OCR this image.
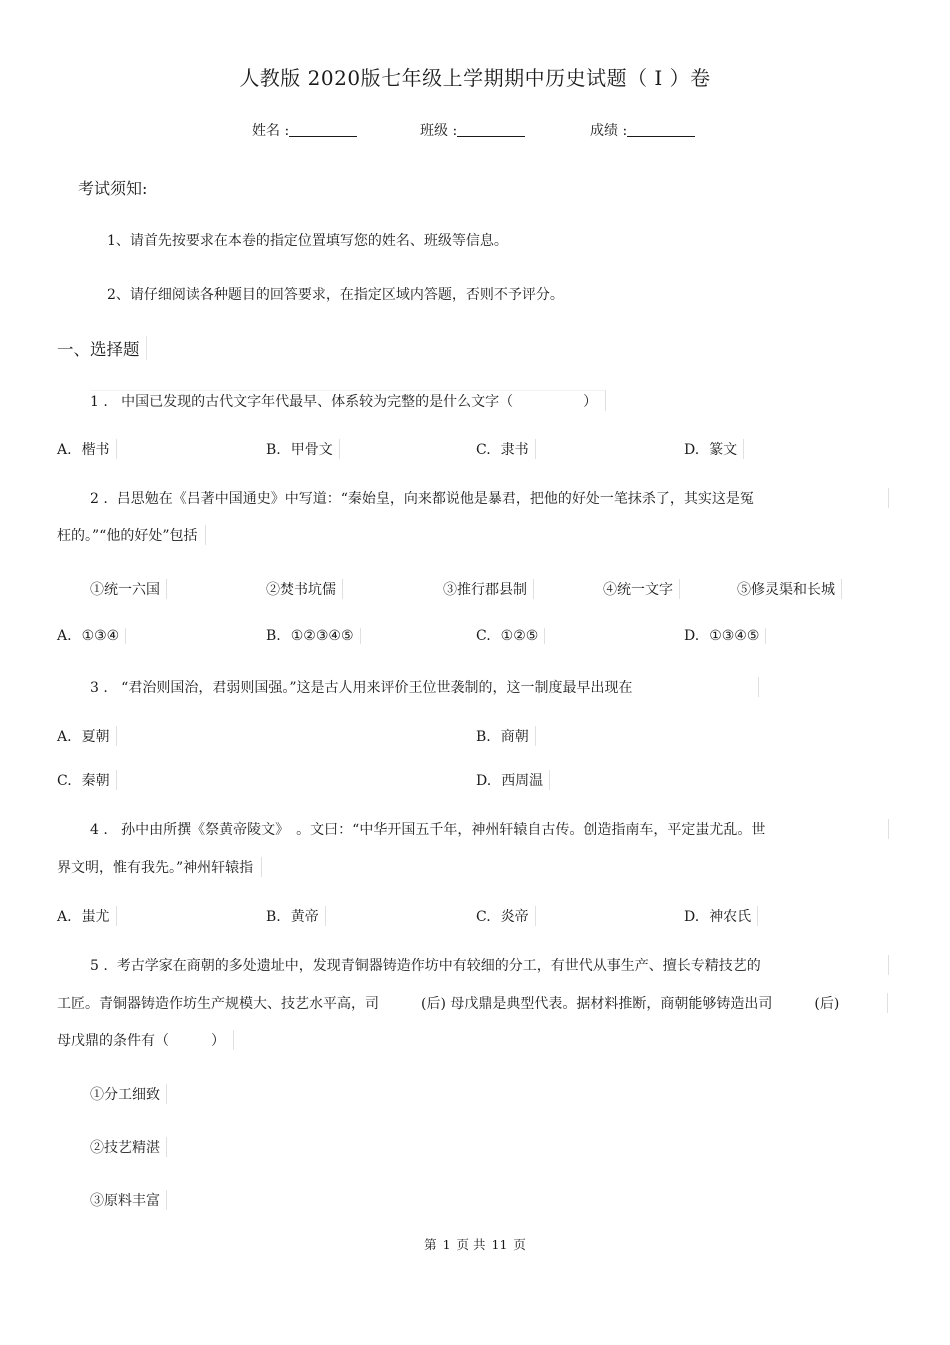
人教版 2020版七年级上学期期中历史试题（ I ）卷
姓名 :	班级 :	成绩 :
考试须知:
1、请首先按要求在本卷的指定位置填写您的姓名、班级等信息。
2、请仔细阅读各种题目的回答要求，在指定区域内答题，否则不予评分。
一、选择题
1 . 中国已发现的古代文字年代最早、体系较为完整的是什么文字（　　　　　）
A. 楷书	B. 甲骨文	C. 隶书	D. 篆文
2 . 吕思勉在《吕著中国通史》中写道：“秦始皇，向来都说他是暴君，把他的好处一笔抹杀了，其实这是冤
枉的。”“他的好处”包括
①统一六国	②焚书坑儒	③推行郡县制	④统一文字	⑤修灵渠和长城
A. ①③④	B. ①②③④⑤	C. ①②⑤	D. ①③④⑤
3 . “君治则国治，君弱则国强。”这是古人用来评价王位世袭制的，这一制度最早出现在
A. 夏朝	B. 商朝
C. 秦朝	D. 西周温
4 . 孙中由所撰《祭黄帝陵文》　。文曰：“中华开国五千年，神州轩辕自古传。创造指南车，平定蚩尤乱。世
界文明，惟有我先。”神州轩辕指
A. 蚩尤	B. 黄帝	C. 炎帝	D. 神农氏
5 . 考古学家在商朝的多处遗址中，发现青铜器铸造作坊中有较细的分工，有世代从事生产、擅长专精技艺的
工匠。青铜器铸造作坊生产规模大、技艺水平高，司　　　(后) 母戊鼎是典型代表。据材料推断，商朝能够铸造出司　　　(后)
母戊鼎的条件有（　　　）
①分工细致
②技艺精湛
③原料丰富
第 1 页 共 11 页
